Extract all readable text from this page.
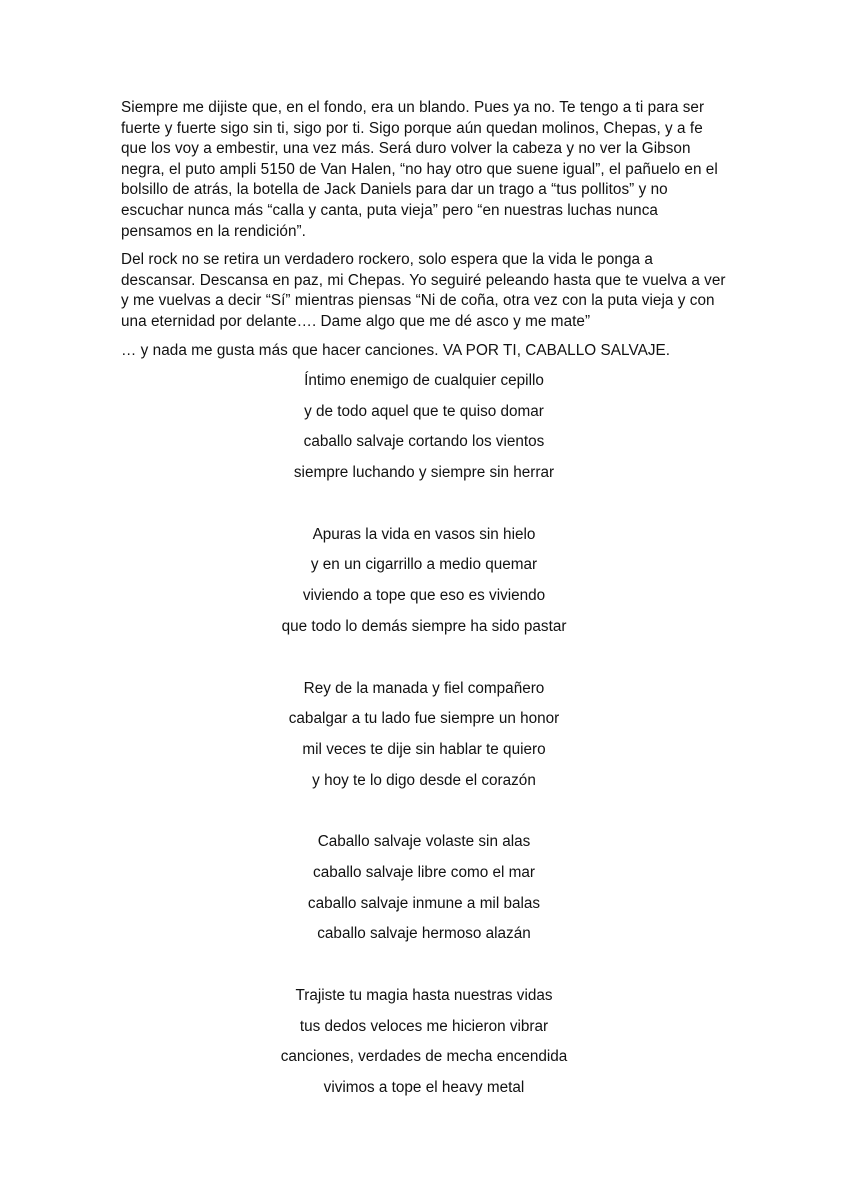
Siempre me dijiste que, en el fondo, era un blando. Pues ya no. Te tengo a ti para ser fuerte y fuerte sigo sin ti, sigo por ti. Sigo porque aún quedan molinos, Chepas, y a fe que los voy a embestir, una vez más. Será duro volver la cabeza y no ver la Gibson negra, el puto ampli 5150 de Van Halen, “no hay otro que suene igual”, el pañuelo en el bolsillo de atrás, la botella de Jack Daniels para dar un trago a “tus pollitos” y no escuchar nunca más “calla y canta, puta vieja” pero “en nuestras luchas nunca pensamos en la rendición”.

Del rock no se retira un verdadero rockero, solo espera que la vida le ponga a descansar. Descansa en paz, mi Chepas. Yo seguiré peleando hasta que te vuelva a ver y me vuelvas a decir “Sí” mientras piensas “Ni de coña, otra vez con la puta vieja y con una eternidad por delante…. Dame algo que me dé asco y me mate”

… y nada me gusta más que hacer canciones. VA POR TI, CABALLO SALVAJE.

Íntimo enemigo de cualquier cepillo
y de todo aquel que te quiso domar
caballo salvaje cortando los vientos
siempre luchando y siempre sin herrar
Apuras la vida en vasos sin hielo
y en un cigarrillo a medio quemar
viviendo a tope que eso es viviendo
que todo lo demás siempre ha sido pastar
Rey de la manada y fiel compañero
cabalgar a tu lado fue siempre un honor
mil veces te dije sin hablar te quiero
y hoy te lo digo desde el corazón
Caballo salvaje volaste sin alas
caballo salvaje libre como el mar
caballo salvaje inmune a mil balas
caballo salvaje hermoso alazán
Trajiste tu magia hasta nuestras vidas
tus dedos veloces me hicieron vibrar
canciones, verdades de mecha encendida
vivimos a tope el heavy metal
